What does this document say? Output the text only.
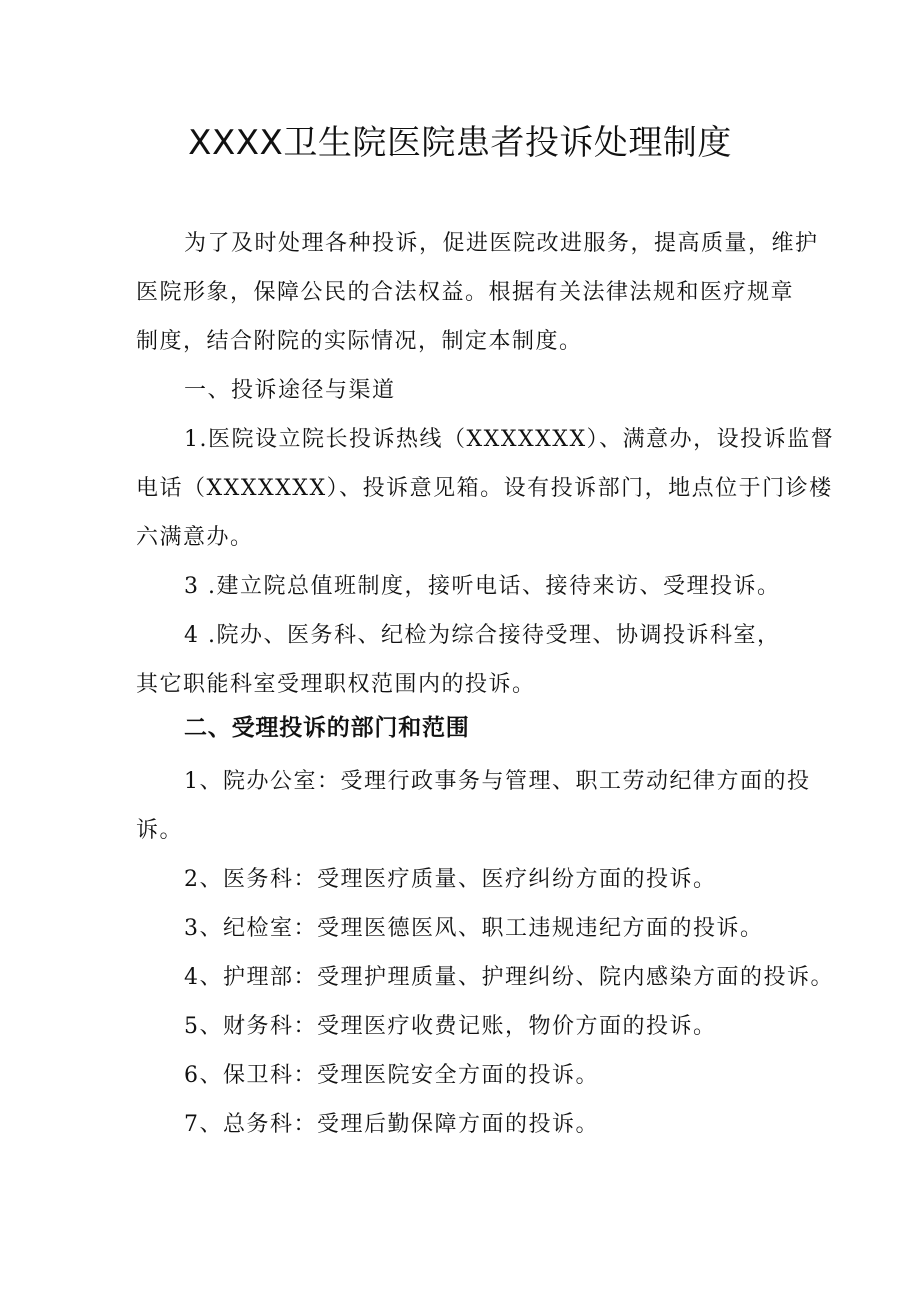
XXXX卫生院医院患者投诉处理制度
为了及时处理各种投诉，促进医院改进服务，提高质量，维护
医院形象，保障公民的合法权益。根据有关法律法规和医疗规章
制度，结合附院的实际情况，制定本制度。
一、投诉途径与渠道
1.医院设立院长投诉热线（XXXXXXX）、满意办，设投诉监督
电话（XXXXXXX）、投诉意见箱。设有投诉部门，地点位于门诊楼
六满意办。
3 .建立院总值班制度，接听电话、接待来访、受理投诉。
4 .院办、医务科、纪检为综合接待受理、协调投诉科室，
其它职能科室受理职权范围内的投诉。
二、受理投诉的部门和范围
1、院办公室：受理行政事务与管理、职工劳动纪律方面的投
诉。
2、医务科：受理医疗质量、医疗纠纷方面的投诉。
3、纪检室：受理医德医风、职工违规违纪方面的投诉。
4、护理部：受理护理质量、护理纠纷、院内感染方面的投诉。
5、财务科：受理医疗收费记账，物价方面的投诉。
6、保卫科：受理医院安全方面的投诉。
7、总务科：受理后勤保障方面的投诉。
